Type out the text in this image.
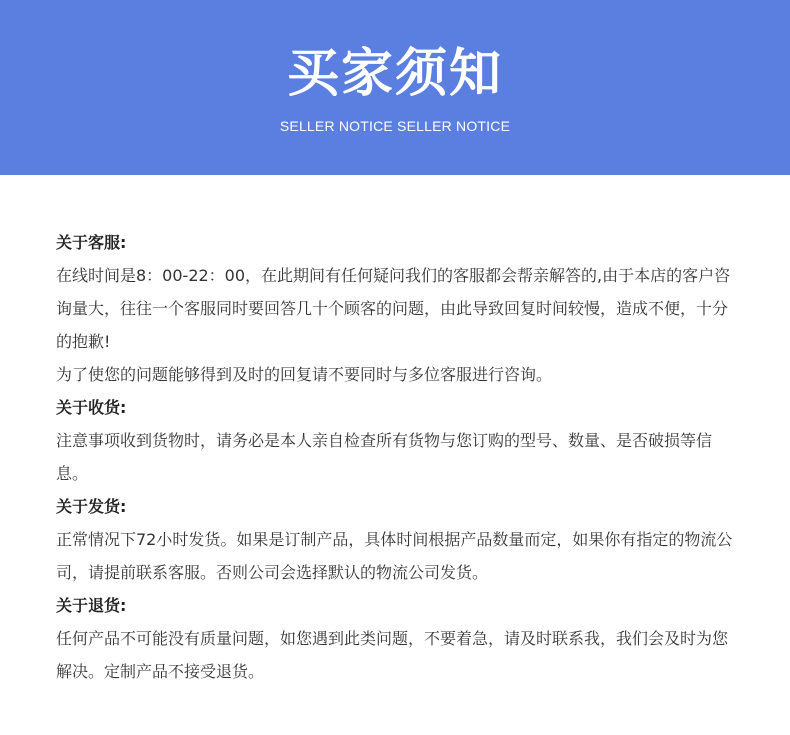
买家须知
SELLER NOTICE SELLER NOTICE

关于客服:

在线时间是8：00-22：00，在此期间有任何疑问我们的客服都会帮亲解答的,由于本店的客户咨询量大，往往一个客服同时要回答几十个顾客的问题，由此导致回复时间较慢，造成不便，十分的抱歉!

为了使您的问题能够得到及时的回复请不要同时与多位客服进行咨询。

关于收货:

注意事项收到货物时，请务必是本人亲自检查所有货物与您订购的型号、数量、是否破损等信息。

关于发货:

正常情况下72小时发货。如果是订制产品，具体时间根据产品数量而定，如果你有指定的物流公司，请提前联系客服。否则公司会选择默认的物流公司发货。

关于退货:

任何产品不可能没有质量问题，如您遇到此类问题，不要着急，请及时联系我，我们会及时为您解决。定制产品不接受退货。
